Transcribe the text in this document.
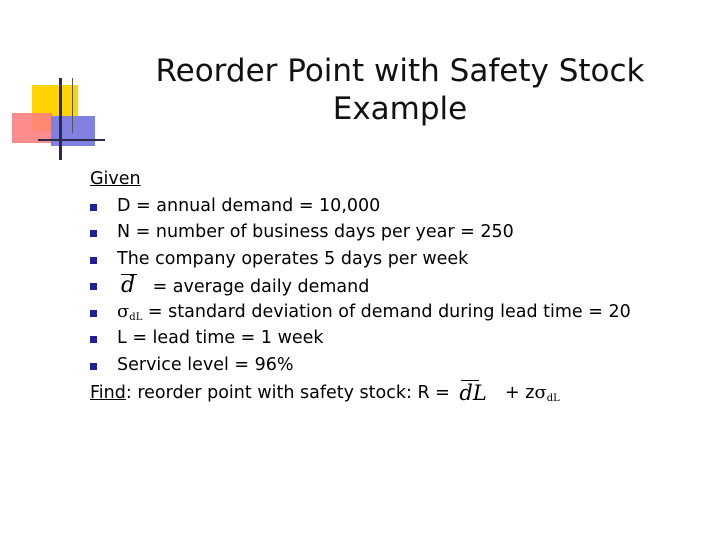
Reorder Point with Safety Stock Example
Given
D = annual demand = 10,000
N = number of business days per year = 250
The company operates 5 days per week
d = average daily demand
$\sigma_{dL}$ = standard deviation of demand during lead time = 20
L = lead time = 1 week
Service level = 96%
Find: reorder point with safety stock: R = dL + $z\sigma_{dL}$
